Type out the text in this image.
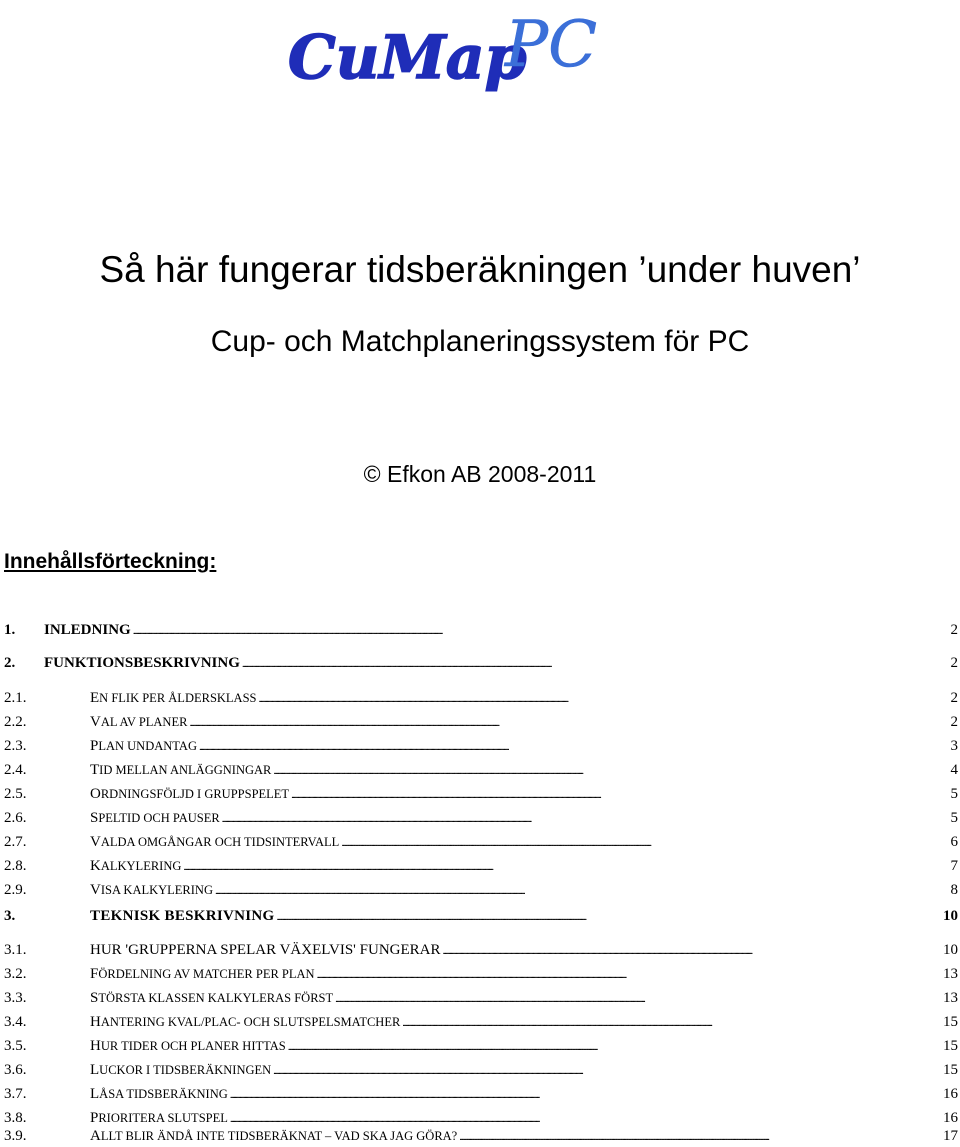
CuMap
PC
Så här fungerar tidsberäkningen ’under huven’
Cup- och Matchplaneringssystem för PC
© Efkon AB 2008-2011
Innehållsförteckning:
1. INLEDNING . . .	2
2. FUNKTIONSBESKRIVNING . . .	2
2.1.	EN FLIK PER ÅLDERSKLASS . . .	2
2.2.	VAL AV PLANER . . .	2
2.3.	PLAN UNDANTAG . . .	3
2.4.	TID MELLAN ANLÄGGNINGAR . . .	4
2.5.	ORDNINGSFÖLJD I GRUPPSPELET . . .	5
2.6.	SPELTID OCH PAUSER . . .	5
2.7.	VALDA OMGÅNGAR OCH TIDSINTERVALL . . .	6
2.8.	KALKYLERING . . .	7
2.9.	VISA KALKYLERING . . .	8
3.	TEKNISK BESKRIVNING . . .	10
3.1.	HUR 'GRUPPERNA SPELAR VÄXELVIS' FUNGERAR . . .	10
3.2.	FÖRDELNING AV MATCHER PER PLAN . . .	13
3.3.	STÖRSTA KLASSEN KALKYLERAS FÖRST . . .	13
3.4.	HANTERING KVAL/PLAC- OCH SLUTSPELSMATCHER . . .	15
3.5.	HUR TIDER OCH PLANER HITTAS . . .	15
3.6.	LUCKOR I TIDSBERÄKNINGEN . . .	15
3.7.	LÅSA TIDSBERÄKNING . . .	16
3.8.	PRIORITERA SLUTSPEL . . .	16
3.9.	ALLT BLIR ÄNDÅ INTE TIDSBERÄKNAT – VAD SKA JAG GÖRA? . . .	17
